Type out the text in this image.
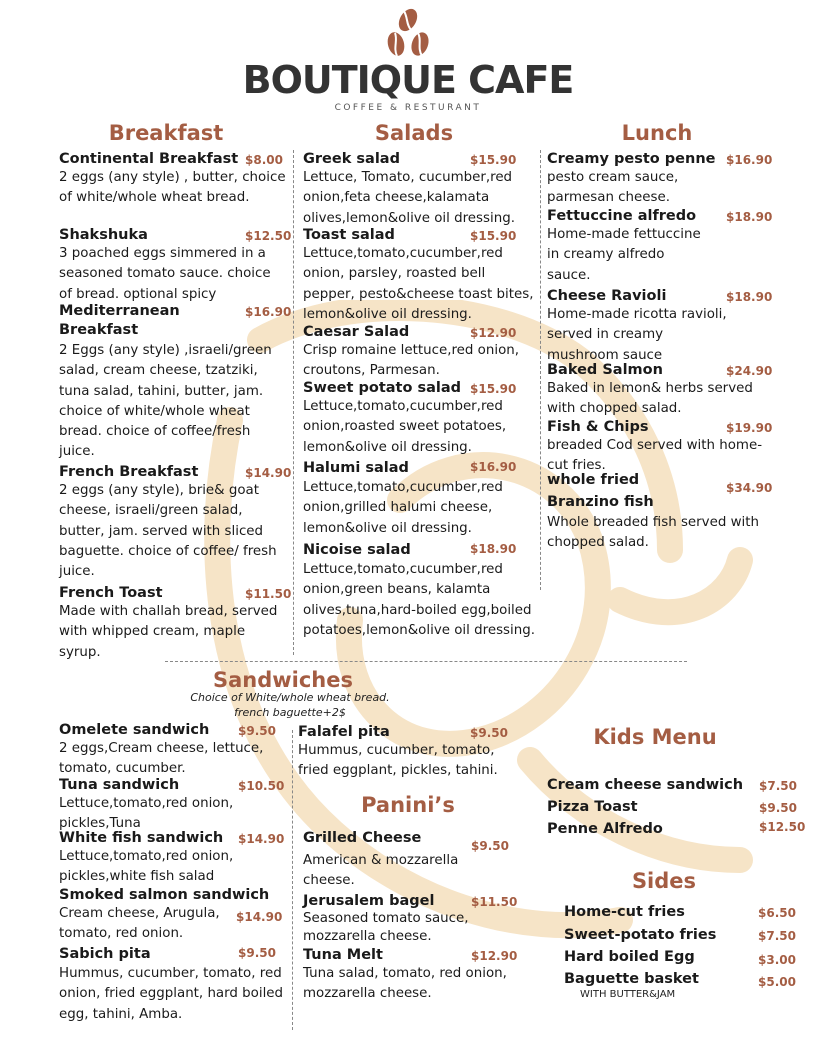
BOUTIQUE CAFE
COFFEE & RESTURANT
Breakfast	Salads	Lunch
Continental Breakfast $8.00
2 eggs (any style) , butter, choice of white/whole wheat bread.
Shakshuka	$12.50
3 poached eggs simmered in a seasoned tomato sauce. choice of bread. optional spicy
Mediterranean	$16.90
Breakfast
2 Eggs (any style) ,israeli/green salad, cream cheese, tzatziki, tuna salad, tahini, butter, jam. choice of white/whole wheat bread. choice of coffee/fresh juice.
French Breakfast	$14.90
2 eggs (any style), brie& goat cheese, israeli/green salad, butter, jam. served with sliced baguette. choice of coffee/ fresh juice.
French Toast	$11.50
Made with challah bread, served with whipped cream, maple syrup.
Greek salad	$15.90
Lettuce, Tomato, cucumber,red onion,feta cheese,kalamata olives,lemon&olive oil dressing.
Toast salad	$15.90
Lettuce,tomato,cucumber,red onion, parsley, roasted bell pepper, pesto&cheese toast bites, lemon&olive oil dressing.
Caesar Salad	$12.90
Crisp romaine lettuce,red onion, croutons, Parmesan.
Sweet potato salad $15.90
Lettuce,tomato,cucumber,red onion,roasted sweet potatoes, lemon&olive oil dressing.
Halumi salad	$16.90
Lettuce,tomato,cucumber,red onion,grilled halumi cheese, lemon&olive oil dressing.
Nicoise salad	$18.90
Lettuce,tomato,cucumber,red onion,green beans, kalamta olives,tuna,hard-boiled egg,boiled potatoes,lemon&olive oil dressing.
Creamy pesto penne $16.90
pesto cream sauce, parmesan cheese.
Fettuccine alfredo	$18.90
Home-made fettuccine in creamy alfredo sauce.
Cheese Ravioli	$18.90
Home-made ricotta ravioli, served in creamy mushroom sauce
Baked Salmon	$24.90
Baked in lemon& herbs served with chopped salad.
Fish & Chips	$19.90
breaded Cod served with home-cut fries.
whole fried	$34.90
Branzino fish
Whole breaded fish served with chopped salad.
Sandwiches
Choice of White/whole wheat bread. french baguette+2$
Omelete sandwich	$9.50
2 eggs,Cream cheese, lettuce, tomato, cucumber.
Tuna sandwich	$10.50
Lettuce,tomato,red onion, pickles,Tuna
White fish sandwich	$14.90
Lettuce,tomato,red onion, pickles,white fish salad
Smoked salmon sandwich
$14.90
Cream cheese, Arugula, tomato, red onion.
Sabich pita	$9.50
Hummus, cucumber, tomato, red onion, fried eggplant, hard boiled egg, tahini, Amba.
Falafel pita	$9.50
Hummus, cucumber, tomato, fried eggplant, pickles, tahini.
Panini’s
Grilled Cheese	$9.50
American & mozzarella cheese.
Jerusalem bagel	$11.50
Seasoned tomato sauce, mozzarella cheese.
Tuna Melt	$12.90
Tuna salad, tomato, red onion, mozzarella cheese.
Kids Menu
Cream cheese sandwich $7.50
Pizza Toast	$9.50
Penne Alfredo	$12.50
Sides
Home-cut fries	$6.50
Sweet-potato fries	$7.50
Hard boiled Egg	$3.00
Baguette basket	$5.00
WITH BUTTER&JAM
